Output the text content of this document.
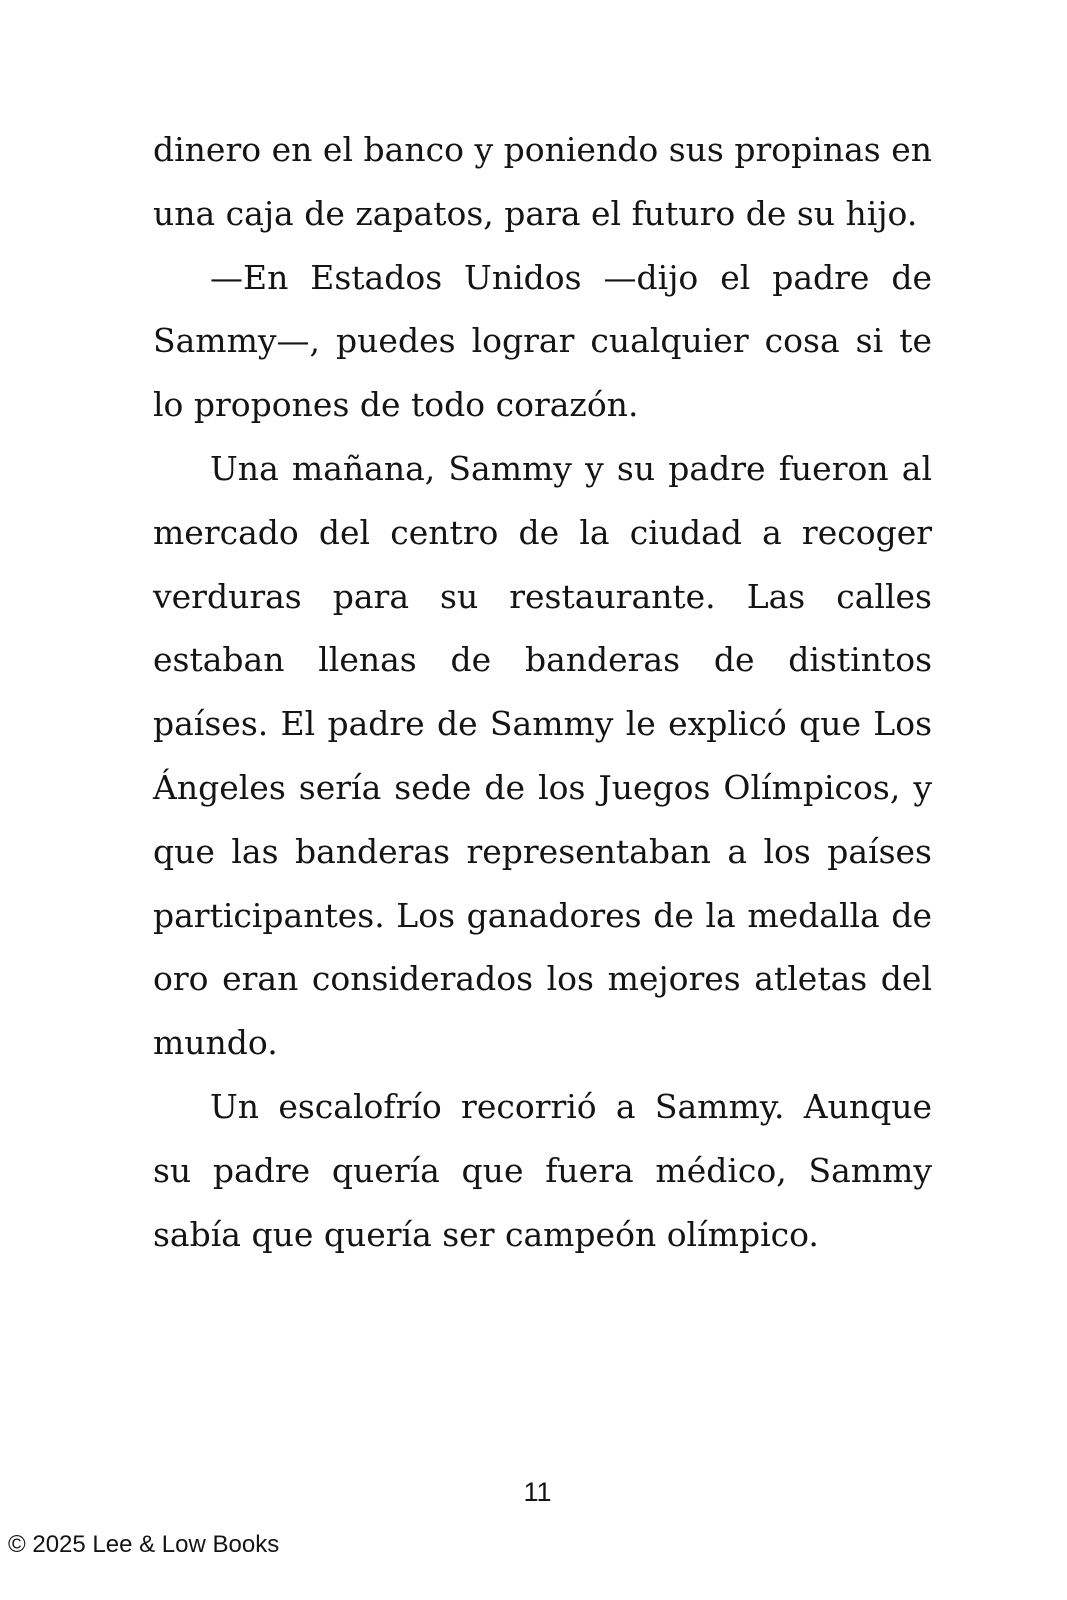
dinero en el banco y poniendo sus propinas en una caja de zapatos, para el futuro de su hijo.

—En Estados Unidos —dijo el padre de Sammy—, puedes lograr cualquier cosa si te lo propones de todo corazón.

Una mañana, Sammy y su padre fueron al mercado del centro de la ciudad a recoger verduras para su restaurante. Las calles estaban llenas de banderas de distintos países. El padre de Sammy le explicó que Los Ángeles sería sede de los Juegos Olímpicos, y que las banderas representaban a los países participantes. Los ganadores de la medalla de oro eran considerados los mejores atletas del mundo.

Un escalofrío recorrió a Sammy. Aunque su padre quería que fuera médico, Sammy sabía que quería ser campeón olímpico.

11
© 2025 Lee & Low Books
